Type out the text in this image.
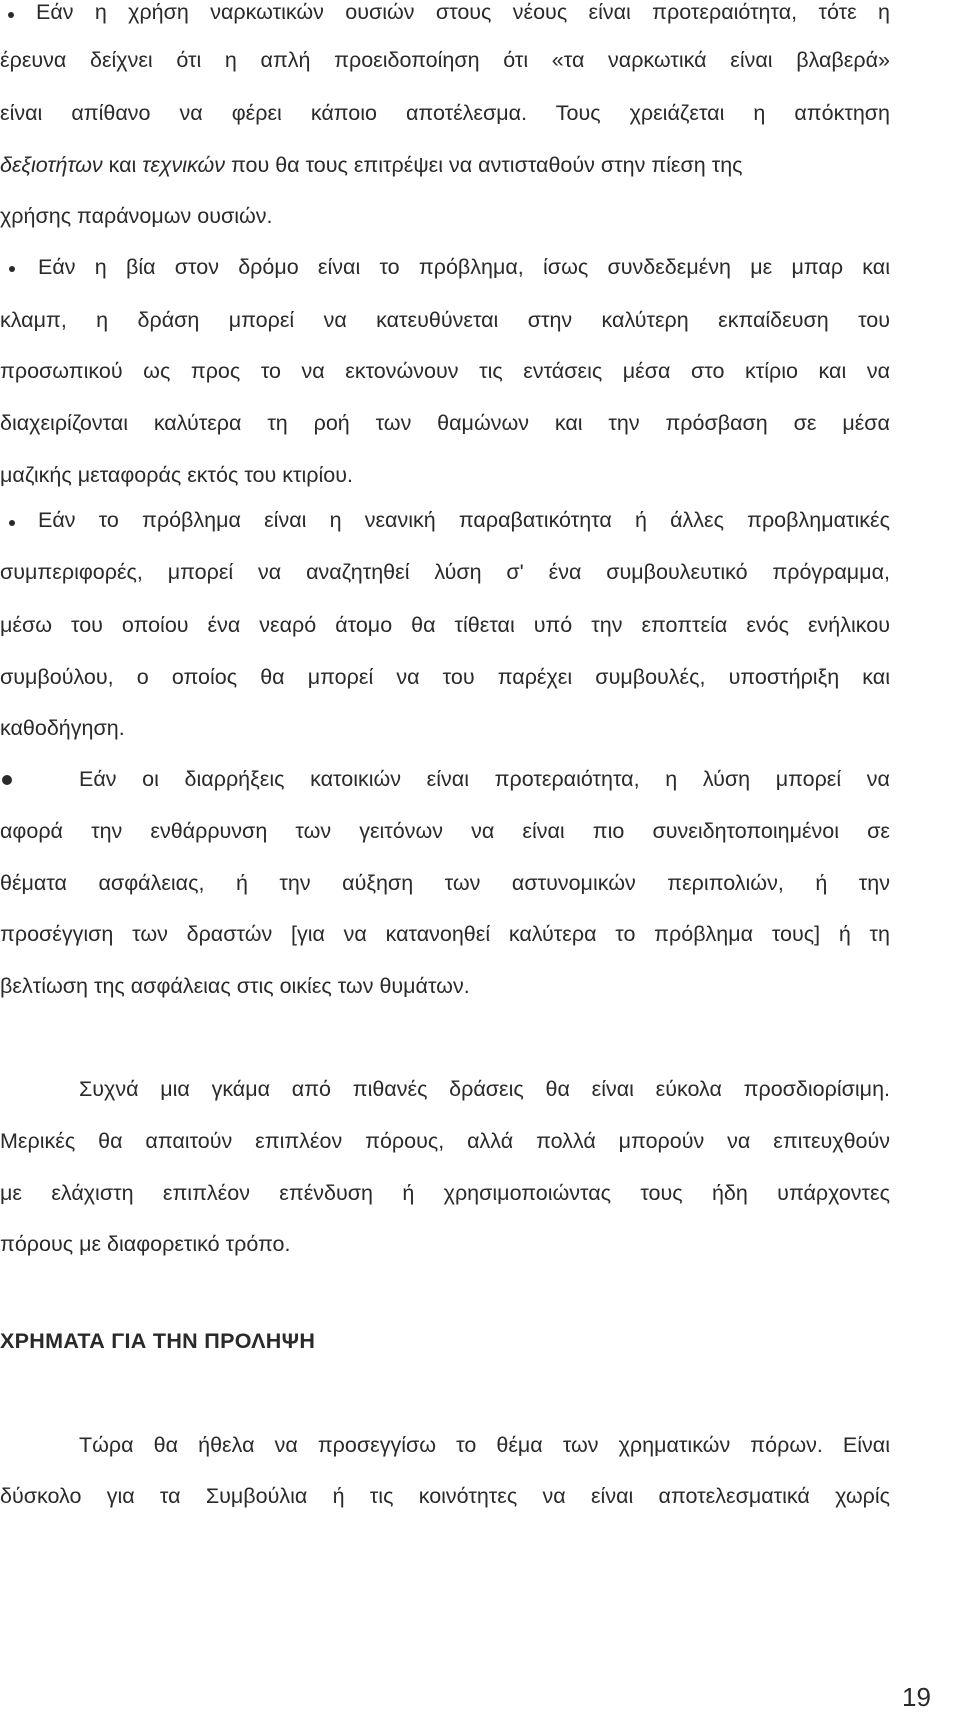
Εάν η χρήση ναρκωτικών ουσιών στους νέους είναι προτεραιότητα, τότε η
έρευνα δείχνει ότι η απλή προειδοποίηση ότι «τα ναρκωτικά είναι βλαβερά»
είναι απίθανο να φέρει κάποιο αποτέλεσμα. Τους χρειάζεται η απόκτηση
δεξιοτήτων και τεχνικών που θα τους επιτρέψει να αντισταθούν στην πίεση της
χρήσης παράνομων ουσιών.
Εάν η βία στον δρόμο είναι το πρόβλημα, ίσως συνδεδεμένη με μπαρ και
κλαμπ, η δράση μπορεί να κατευθύνεται στην καλύτερη εκπαίδευση του
προσωπικού ως προς το να εκτονώνουν τις εντάσεις μέσα στο κτίριο και να
διαχειρίζονται καλύτερα τη ροή των θαμώνων και την πρόσβαση σε μέσα
μαζικής μεταφοράς εκτός του κτιρίου.
Εάν το πρόβλημα είναι η νεανική παραβατικότητα ή άλλες προβληματικές
συμπεριφορές, μπορεί να αναζητηθεί λύση σ' ένα συμβουλευτικό πρόγραμμα,
μέσω του οποίου ένα νεαρό άτομο θα τίθεται υπό την εποπτεία ενός ενήλικου
συμβούλου, ο οποίος θα μπορεί να του παρέχει συμβουλές, υποστήριξη και
καθοδήγηση.
Εάν οι διαρρήξεις κατοικιών είναι προτεραιότητα, η λύση μπορεί να
αφορά την ενθάρρυνση των γειτόνων να είναι πιο συνειδητοποιημένοι σε
θέματα ασφάλειας, ή την αύξηση των αστυνομικών περιπολιών, ή την
προσέγγιση των δραστών [για να κατανοηθεί καλύτερα το πρόβλημα τους] ή τη
βελτίωση της ασφάλειας στις οικίες των θυμάτων.
Συχνά μια γκάμα από πιθανές δράσεις θα είναι εύκολα προσδιορίσιμη.
Μερικές θα απαιτούν επιπλέον πόρους, αλλά πολλά μπορούν να επιτευχθούν
με ελάχιστη επιπλέον επένδυση ή χρησιμοποιώντας τους ήδη υπάρχοντες
πόρους με διαφορετικό τρόπο.
ΧΡΗΜΑΤΑ ΓΙΑ ΤΗΝ ΠΡΟΛΗΨΗ
Τώρα θα ήθελα να προσεγγίσω το θέμα των χρηματικών πόρων. Είναι
δύσκολο για τα Συμβούλια ή τις κοινότητες να είναι αποτελεσματικά χωρίς
19
